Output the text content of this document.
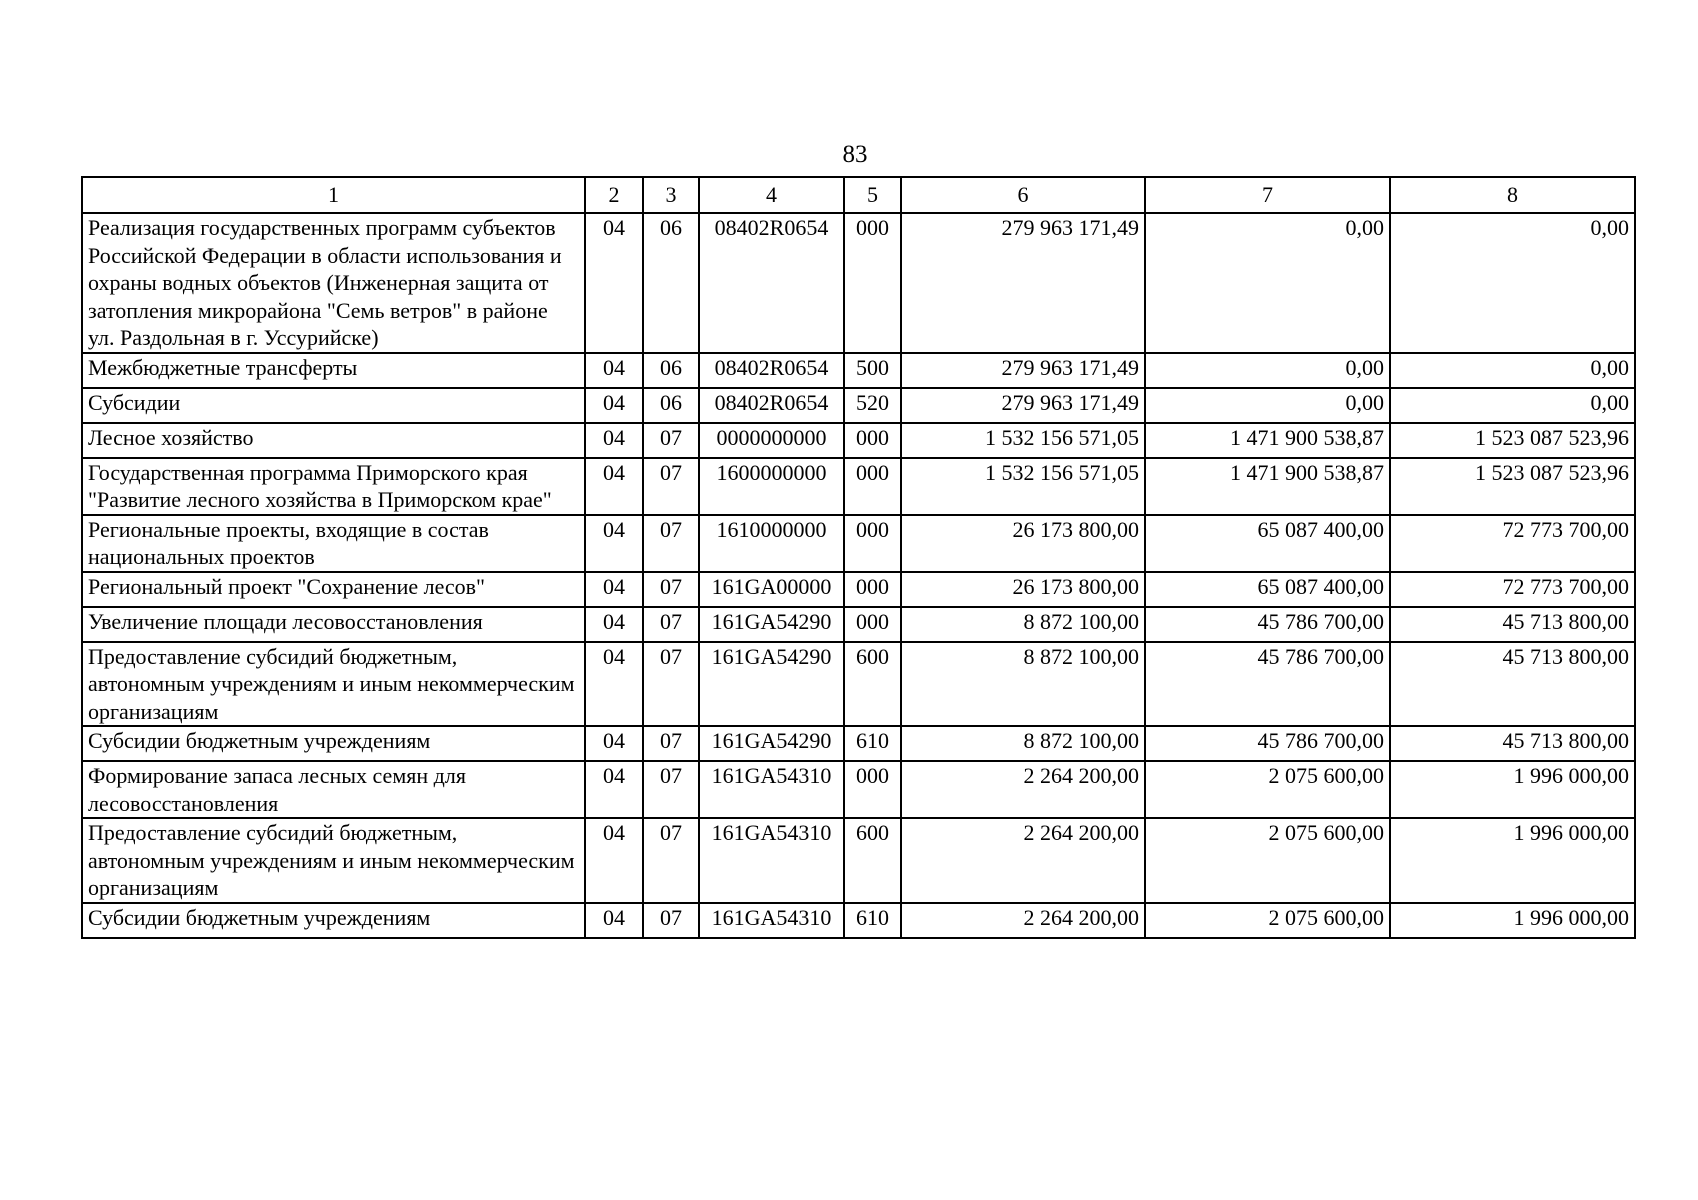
83
1	2	3	4	5	6	7	8
Реализация государственных программ субъектов Российской Федерации в области использования и охраны водных объектов (Инженерная защита от затопления микрорайона "Семь ветров" в районе ул. Раздольная в г. Уссурийске)	04	06	08402R0654	000	279 963 171,49	0,00	0,00
Межбюджетные трансферты	04	06	08402R0654	500	279 963 171,49	0,00	0,00
Субсидии	04	06	08402R0654	520	279 963 171,49	0,00	0,00
Лесное хозяйство	04	07	0000000000	000	1 532 156 571,05	1 471 900 538,87	1 523 087 523,96
Государственная программа Приморского края "Развитие лесного хозяйства в Приморском крае"	04	07	1600000000	000	1 532 156 571,05	1 471 900 538,87	1 523 087 523,96
Региональные проекты, входящие в состав национальных проектов	04	07	1610000000	000	26 173 800,00	65 087 400,00	72 773 700,00
Региональный проект "Сохранение лесов"	04	07	161GA00000	000	26 173 800,00	65 087 400,00	72 773 700,00
Увеличение площади лесовосстановления	04	07	161GA54290	000	8 872 100,00	45 786 700,00	45 713 800,00
Предоставление субсидий бюджетным, автономным учреждениям и иным некоммерческим организациям	04	07	161GA54290	600	8 872 100,00	45 786 700,00	45 713 800,00
Субсидии бюджетным учреждениям	04	07	161GA54290	610	8 872 100,00	45 786 700,00	45 713 800,00
Формирование запаса лесных семян для лесовосстановления	04	07	161GA54310	000	2 264 200,00	2 075 600,00	1 996 000,00
Предоставление субсидий бюджетным, автономным учреждениям и иным некоммерческим организациям	04	07	161GA54310	600	2 264 200,00	2 075 600,00	1 996 000,00
Субсидии бюджетным учреждениям	04	07	161GA54310	610	2 264 200,00	2 075 600,00	1 996 000,00
